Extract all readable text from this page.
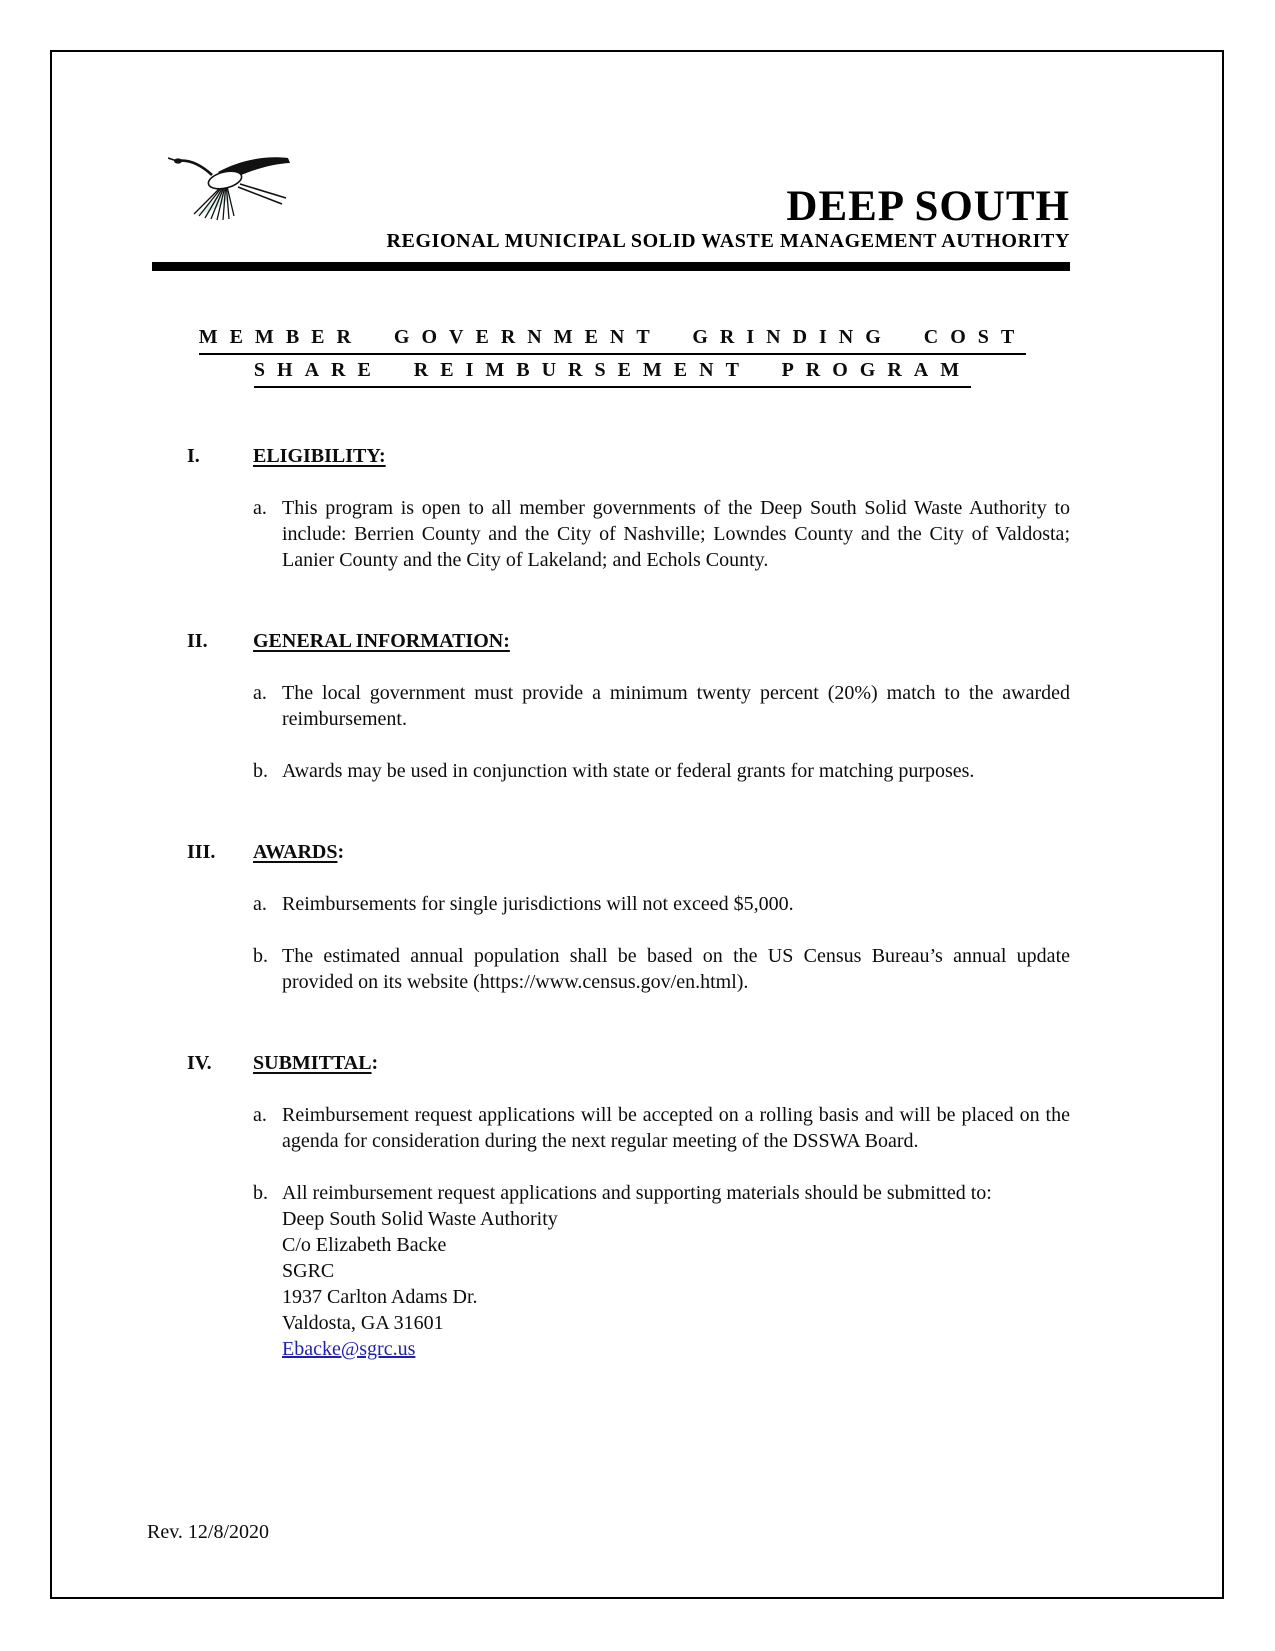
DEEP SOUTH
REGIONAL MUNICIPAL SOLID WASTE MANAGEMENT AUTHORITY
MEMBER GOVERNMENT GRINDING COST
SHARE REIMBURSEMENT PROGRAM
I.	ELIGIBILITY:
a. This program is open to all member governments of the Deep South Solid Waste Authority to include: Berrien County and the City of Nashville; Lowndes County and the City of Valdosta; Lanier County and the City of Lakeland; and Echols County.
II.	GENERAL INFORMATION:
a. The local government must provide a minimum twenty percent (20%) match to the awarded reimbursement.
b. Awards may be used in conjunction with state or federal grants for matching purposes.
III.	AWARDS:
a. Reimbursements for single jurisdictions will not exceed $5,000.
b. The estimated annual population shall be based on the US Census Bureau’s annual update provided on its website (https://www.census.gov/en.html).
IV.	SUBMITTAL:
a. Reimbursement request applications will be accepted on a rolling basis and will be placed on the agenda for consideration during the next regular meeting of the DSSWA Board.
b. All reimbursement request applications and supporting materials should be submitted to:
Deep South Solid Waste Authority
C/o Elizabeth Backe
SGRC
1937 Carlton Adams Dr.
Valdosta, GA 31601
Ebacke@sgrc.us
Rev. 12/8/2020
